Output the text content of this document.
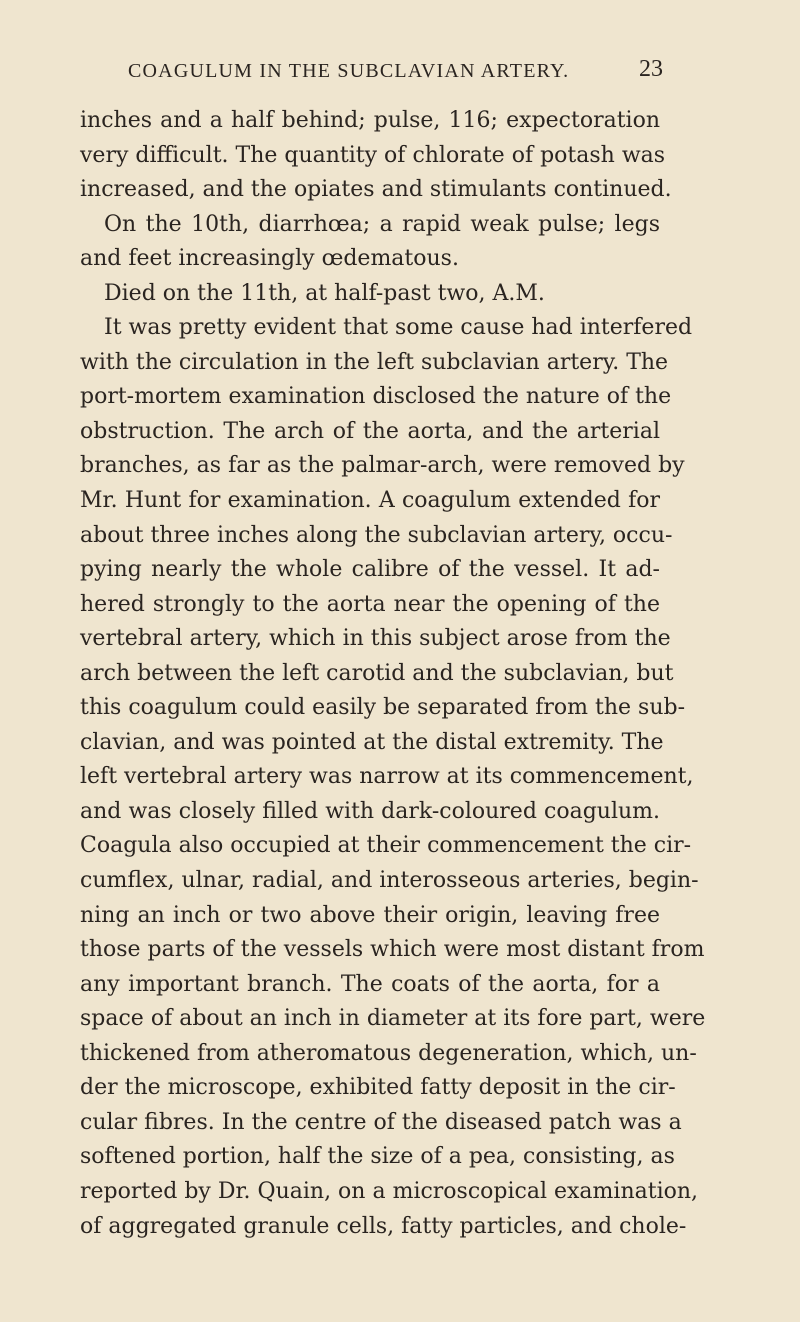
COAGULUM IN THE SUBCLAVIAN ARTERY.	23
inches and a half behind; pulse, 116; expectoration
very difficult. The quantity of chlorate of potash was
increased, and the opiates and stimulants continued.
On the 10th, diarrhœa; a rapid weak pulse; legs
and feet increasingly œdematous.
Died on the 11th, at half-past two, A.M.
It was pretty evident that some cause had interfered
with the circulation in the left subclavian artery. The
port-mortem examination disclosed the nature of the
obstruction. The arch of the aorta, and the arterial
branches, as far as the palmar-arch, were removed by
Mr. Hunt for examination. A coagulum extended for
about three inches along the subclavian artery, occu-
pying nearly the whole calibre of the vessel. It ad-
hered strongly to the aorta near the opening of the
vertebral artery, which in this subject arose from the
arch between the left carotid and the subclavian, but
this coagulum could easily be separated from the sub-
clavian, and was pointed at the distal extremity. The
left vertebral artery was narrow at its commencement,
and was closely filled with dark-coloured coagulum.
Coagula also occupied at their commencement the cir-
cumflex, ulnar, radial, and interosseous arteries, begin-
ning an inch or two above their origin, leaving free
those parts of the vessels which were most distant from
any important branch. The coats of the aorta, for a
space of about an inch in diameter at its fore part, were
thickened from atheromatous degeneration, which, un-
der the microscope, exhibited fatty deposit in the cir-
cular fibres. In the centre of the diseased patch was a
softened portion, half the size of a pea, consisting, as
reported by Dr. Quain, on a microscopical examination,
of aggregated granule cells, fatty particles, and chole-
